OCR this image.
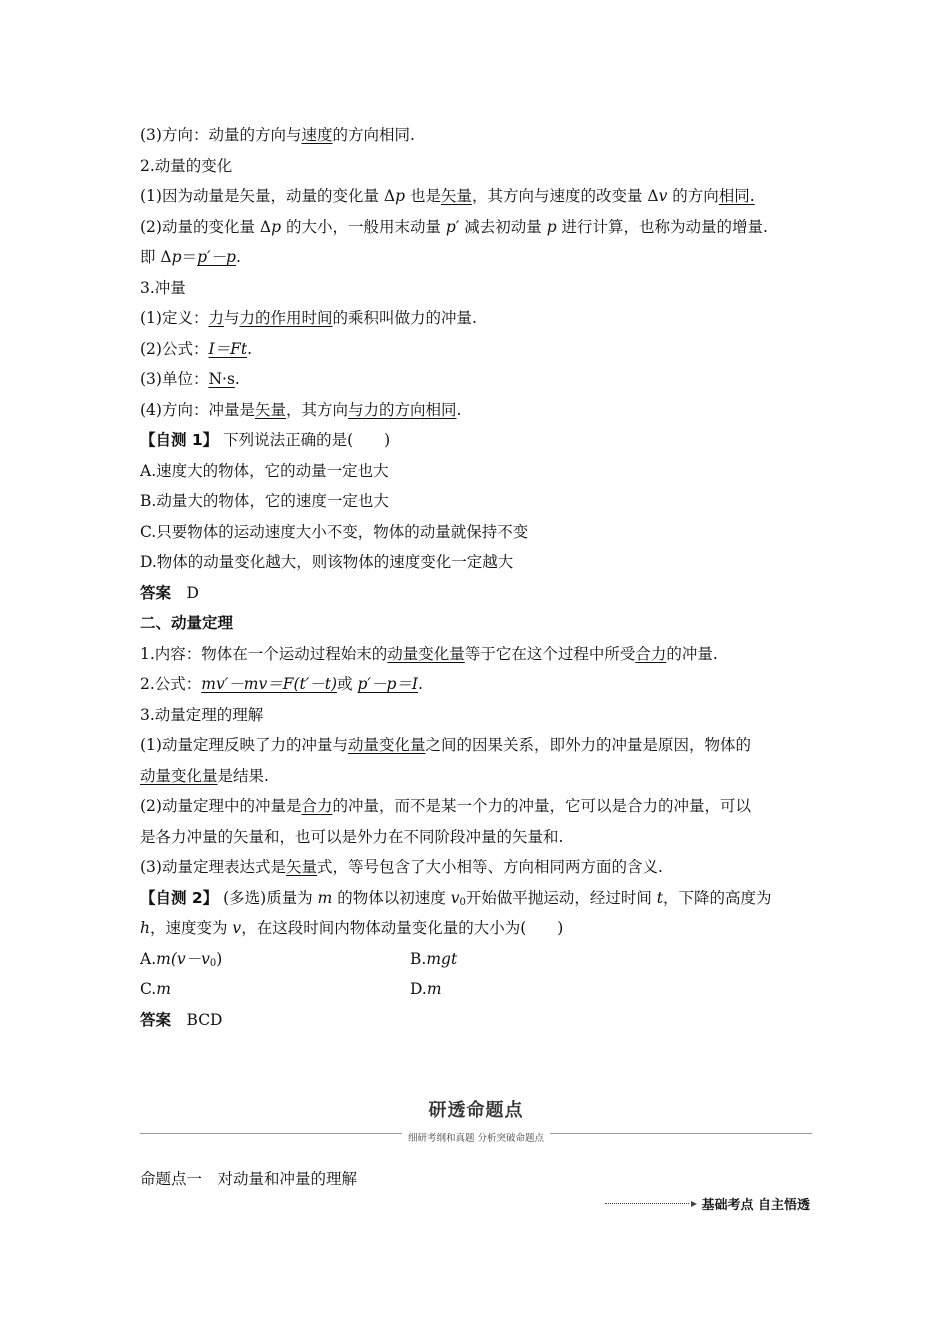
(3)方向：动量的方向与速度的方向相同.
2.动量的变化
(1)因为动量是矢量，动量的变化量 Δp 也是矢量，其方向与速度的改变量 Δv 的方向相同.
(2)动量的变化量 Δp 的大小，一般用末动量 p′ 减去初动量 p 进行计算，也称为动量的增量.
即 Δp＝p′－p.
3.冲量
(1)定义：力与力的作用时间的乘积叫做力的冲量.
(2)公式：I＝Ft.
(3)单位：N·s.
(4)方向：冲量是矢量，其方向与力的方向相同.
【自测 1】 下列说法正确的是(　　)
A.速度大的物体，它的动量一定也大
B.动量大的物体，它的速度一定也大
C.只要物体的运动速度大小不变，物体的动量就保持不变
D.物体的动量变化越大，则该物体的速度变化一定越大
答案  D
二、动量定理
1.内容：物体在一个运动过程始末的动量变化量等于它在这个过程中所受合力的冲量.
2.公式：mv′－mv＝F(t′－t)或 p′－p＝I.
3.动量定理的理解
(1)动量定理反映了力的冲量与动量变化量之间的因果关系，即外力的冲量是原因，物体的
动量变化量是结果.
(2)动量定理中的冲量是合力的冲量，而不是某一个力的冲量，它可以是合力的冲量，可以
是各力冲量的矢量和，也可以是外力在不同阶段冲量的矢量和.
(3)动量定理表达式是矢量式，等号包含了大小相等、方向相同两方面的含义.
【自测 2】 (多选)质量为 m 的物体以初速度 $v_0$开始做平抛运动，经过时间 t，下降的高度为
h，速度变为 v，在这段时间内物体动量变化量的大小为(　　)
$A.m(v-v_0)$	B.mgt
C.m	D.m
答案  BCD
研透命题点
细研考纲和真题 分析突破命题点
命题点一　对动量和冲量的理解
基础考点 自主悟透
